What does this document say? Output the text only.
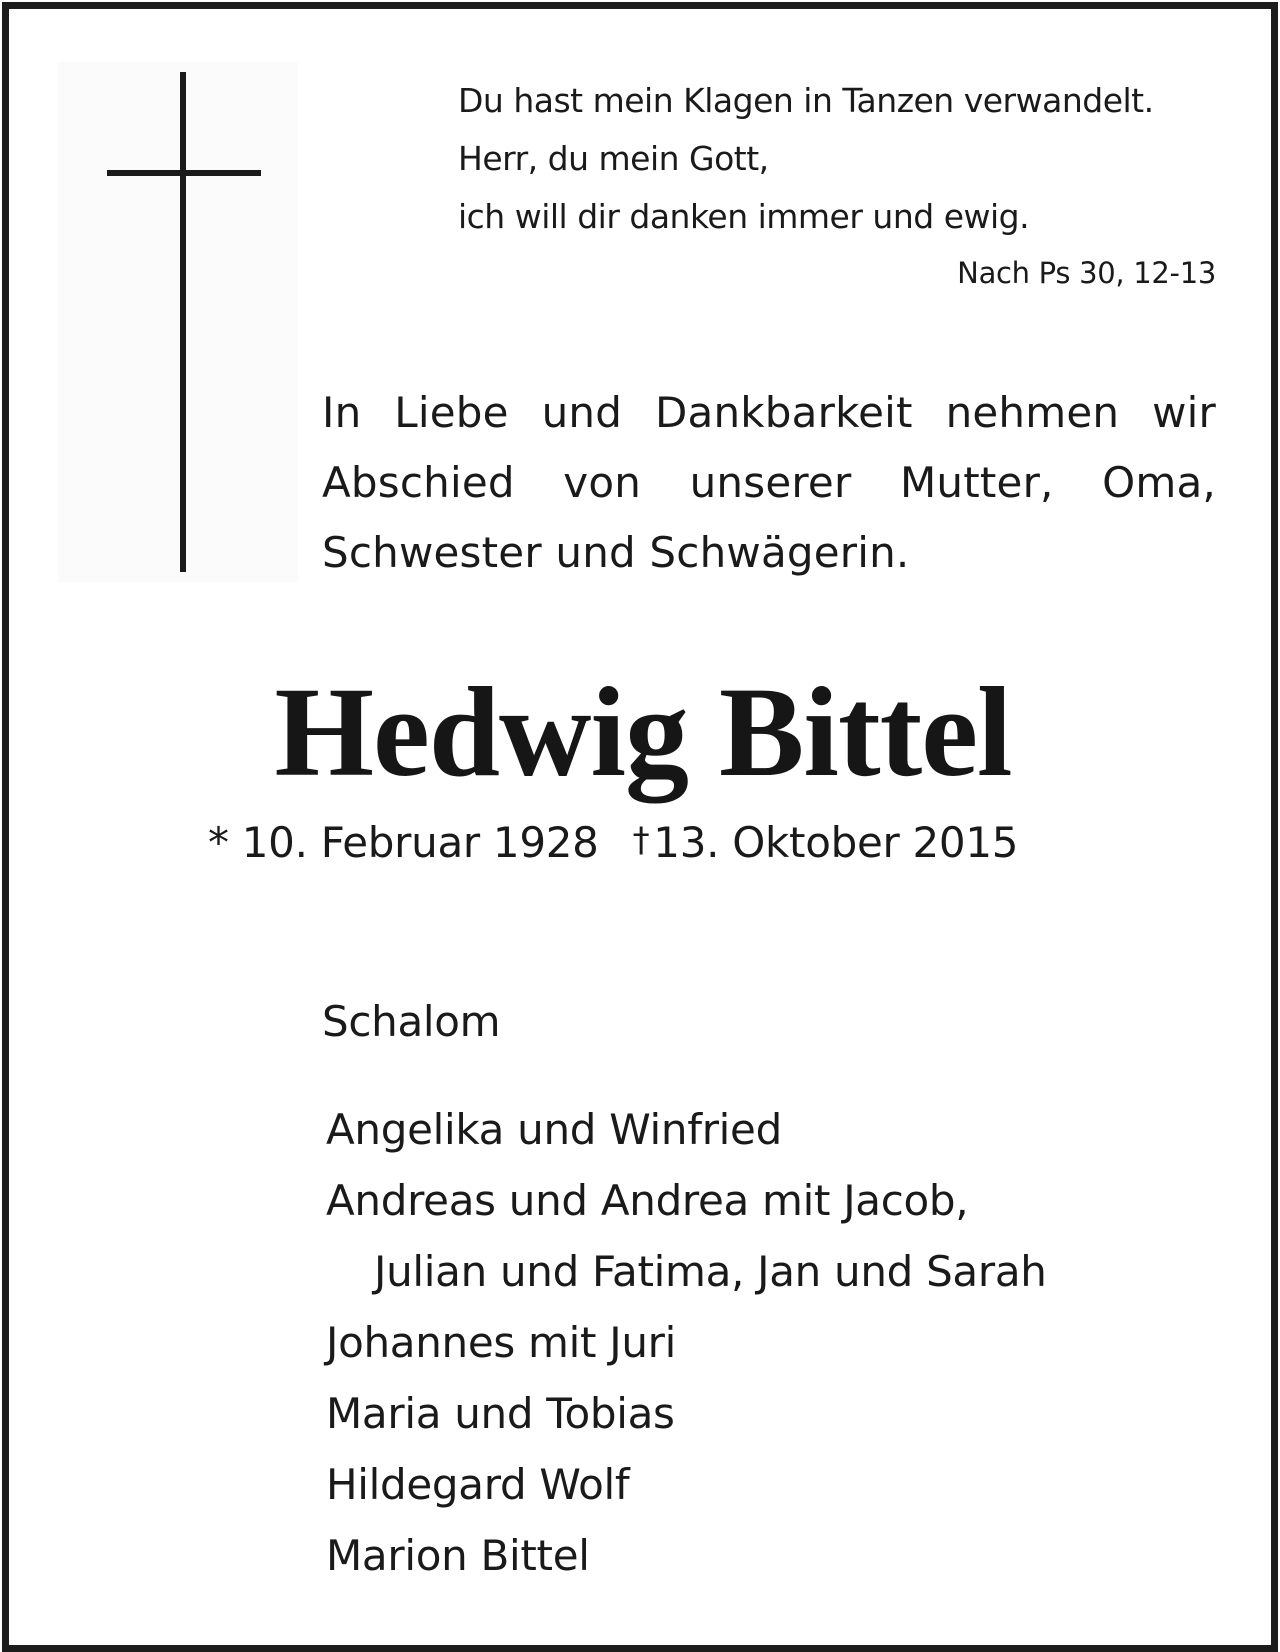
Du hast mein Klagen in Tanzen verwandelt.
Herr, du mein Gott,
ich will dir danken immer und ewig.
Nach Ps 30, 12-13
In Liebe und Dankbarkeit nehmen wir Abschied von unserer Mutter, Oma, Schwester und Schwägerin.
Hedwig Bittel
* 10. Februar 1928 †13. Oktober 2015
Schalom
Angelika und Winfried
Andreas und Andrea mit Jacob,
Julian und Fatima, Jan und Sarah
Johannes mit Juri
Maria und Tobias
Hildegard Wolf
Marion Bittel
